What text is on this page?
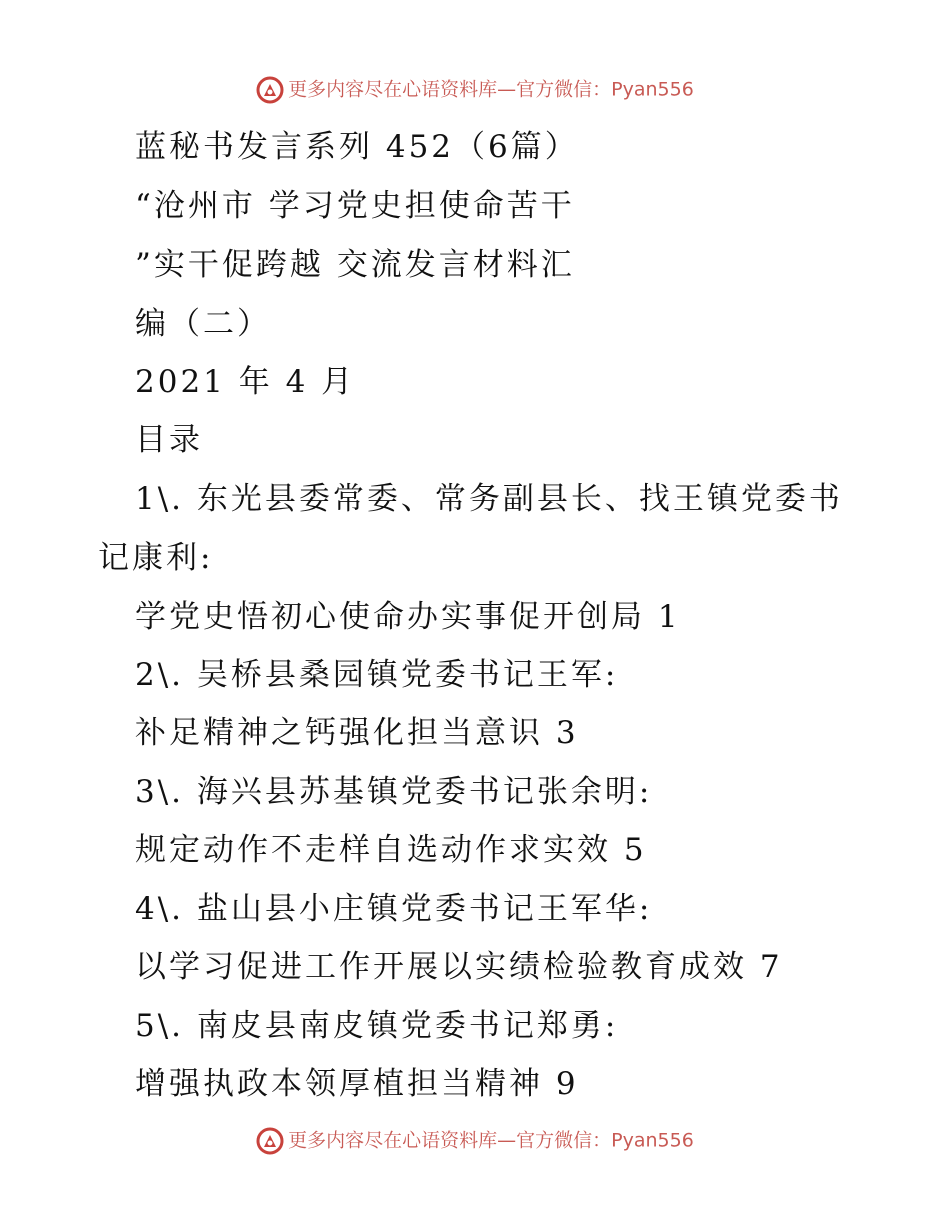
更多内容尽在心语资料库—官方微信：Pyan556
蓝秘书发言系列 452（6篇）
“沧州市 学习党史担使命苦干
”实干促跨越 交流发言材料汇
编（二）
2021 年 4 月
目录
1\. 东光县委常委、常务副县长、找王镇党委书
记康利:
学党史悟初心使命办实事促开创局 1
2\. 吴桥县桑园镇党委书记王军:
补足精神之钙强化担当意识 3
3\. 海兴县苏基镇党委书记张余明:
规定动作不走样自选动作求实效 5
4\. 盐山县小庄镇党委书记王军华:
以学习促进工作开展以实绩检验教育成效 7
5\. 南皮县南皮镇党委书记郑勇:
增强执政本领厚植担当精神 9
更多内容尽在心语资料库—官方微信：Pyan556
